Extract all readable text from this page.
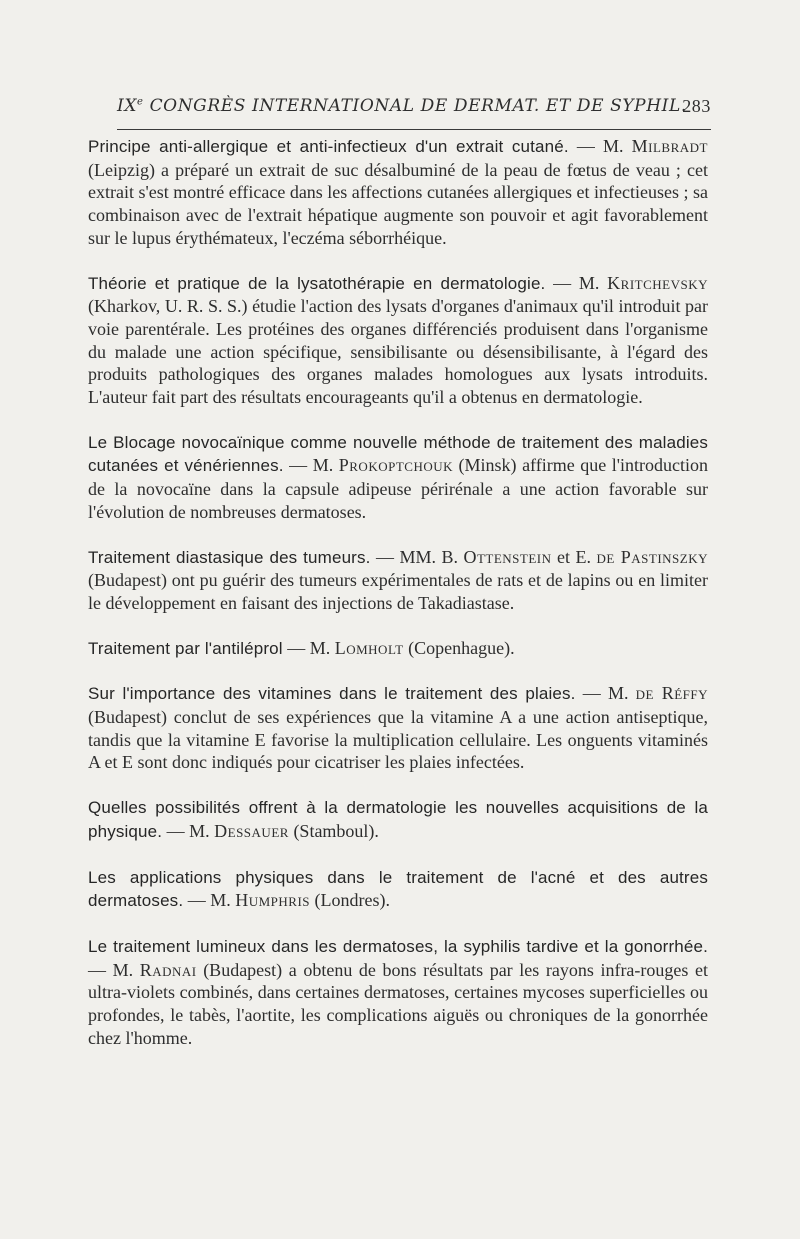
IXe CONGRÈS INTERNATIONAL DE DERMAT. ET DE SYPHIL.
283

Principe anti-allergique et anti-infectieux d'un extrait cutané. — M. Milbradt (Leipzig) a préparé un extrait de suc désalbuminé de la peau de fœtus de veau ; cet extrait s'est montré efficace dans les affections cutanées allergiques et infectieuses ; sa combinaison avec de l'extrait hépatique augmente son pouvoir et agit favorablement sur le lupus érythémateux, l'eczéma séborrhéique.

Théorie et pratique de la lysatothérapie en dermatologie. — M. Kritchevsky (Kharkov, U. R. S. S.) étudie l'action des lysats d'organes d'animaux qu'il introduit par voie parentérale. Les protéines des organes différenciés produisent dans l'organisme du malade une action spécifique, sensibilisante ou désensibilisante, à l'égard des produits pathologiques des organes malades homologues aux lysats introduits. L'auteur fait part des résultats encourageants qu'il a obtenus en dermatologie.

Le Blocage novocaïnique comme nouvelle méthode de traitement des maladies cutanées et vénériennes. — M. Prokoptchouk (Minsk) affirme que l'introduction de la novocaïne dans la capsule adipeuse périrénale a une action favorable sur l'évolution de nombreuses dermatoses.

Traitement diastasique des tumeurs. — MM. B. Ottenstein et E. de Pastinszky (Budapest) ont pu guérir des tumeurs expérimentales de rats et de lapins ou en limiter le développement en faisant des injections de Takadiastase.

Traitement par l'antiléprol — M. Lomholt (Copenhague).

Sur l'importance des vitamines dans le traitement des plaies. — M. de Réffy (Budapest) conclut de ses expériences que la vitamine A a une action antiseptique, tandis que la vitamine E favorise la multiplication cellulaire. Les onguents vitaminés A et E sont donc indiqués pour cicatriser les plaies infectées.

Quelles possibilités offrent à la dermatologie les nouvelles acquisitions de la physique. — M. Dessauer (Stamboul).

Les applications physiques dans le traitement de l'acné et des autres dermatoses. — M. Humphris (Londres).

Le traitement lumineux dans les dermatoses, la syphilis tardive et la gonorrhée. — M. Radnai (Budapest) a obtenu de bons résultats par les rayons infra-rouges et ultra-violets combinés, dans certaines dermatoses, certaines mycoses superficielles ou profondes, le tabès, l'aortite, les complications aiguës ou chroniques de la gonorrhée chez l'homme.
